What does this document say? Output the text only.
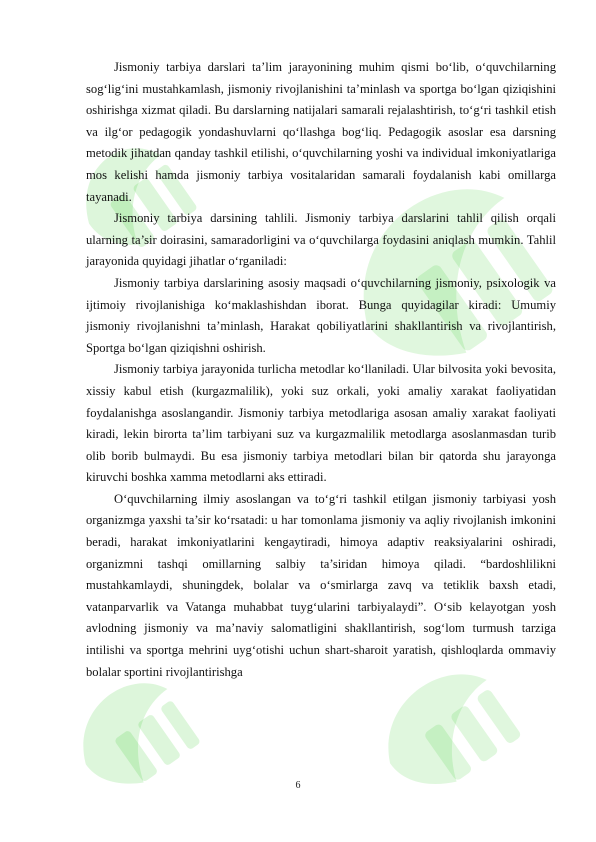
Jismoniy tarbiya darslari ta’lim jarayonining muhim qismi bo‘lib, o‘quvchilarning sog‘lig‘ini mustahkamlash, jismoniy rivojlanishini ta’minlash va sportga bo‘lgan qiziqishini oshirishga xizmat qiladi. Bu darslarning natijalari samarali rejalashtirish, to‘g‘ri tashkil etish va ilg‘or pedagogik yondashuvlarni qo‘llashga bog‘liq. Pedagogik asoslar esa darsning metodik jihatdan qanday tashkil etilishi, o‘quvchilarning yoshi va individual imkoniyatlariga mos kelishi hamda jismoniy tarbiya vositalaridan samarali foydalanish kabi omillarga tayanadi.

Jismoniy tarbiya darsining tahlili. Jismoniy tarbiya darslarini tahlil qilish orqali ularning ta’sir doirasini, samaradorligini va o‘quvchilarga foydasini aniqlash mumkin. Tahlil jarayonida quyidagi jihatlar o‘rganiladi:

Jismoniy tarbiya darslarining asosiy maqsadi o‘quvchilarning jismoniy, psixologik va ijtimoiy rivojlanishiga ko‘maklashishdan iborat. Bunga quyidagilar kiradi: Umumiy jismoniy rivojlanishni ta’minlash, Harakat qobiliyatlarini shakllantirish va rivojlantirish, Sportga bo‘lgan qiziqishni oshirish.

Jismoniy tarbiya jarayonida turlicha metodlar ko‘llaniladi. Ular bilvosita yoki bevosita, xissiy kabul etish (kurgazmalilik), yoki suz orkali, yoki amaliy xarakat faoliyatidan foydalanishga asoslangandir. Jismoniy tarbiya metodlariga asosan amaliy xarakat faoliyati kiradi, lekin birorta ta’lim tarbiyani suz va kurgazmalilik metodlarga asoslanmasdan turib olib borib bulmaydi. Bu esa jismoniy tarbiya metodlari bilan bir qatorda shu jarayonga kiruvchi boshka xamma metodlarni aks ettiradi.

O‘quvchilarning ilmiy asoslangan va to‘g‘ri tashkil etilgan jismoniy tarbiyasi yosh organizmga yaxshi ta’sir ko‘rsatadi: u har tomonlama jismoniy va aqliy rivojlanish imkonini beradi, harakat imkoniyatlarini kengaytiradi, himoya adaptiv reaksiyalarini oshiradi, organizmni tashqi omillarning salbiy ta’siridan himoya qiladi. “bardoshlilikni mustahkamlaydi, shuningdek, bolalar va o‘smirlarga zavq va tetiklik baxsh etadi, vatanparvarlik va Vatanga muhabbat tuyg‘ularini tarbiyalaydi”. O‘sib kelayotgan yosh avlodning jismoniy va ma’naviy salomatligini shakllantirish, sog‘lom turmush tarziga intilishi va sportga mehrini uyg‘otishi uchun shart-sharoit yaratish, qishloqlarda ommaviy bolalar sportini rivojlantirishga

6
